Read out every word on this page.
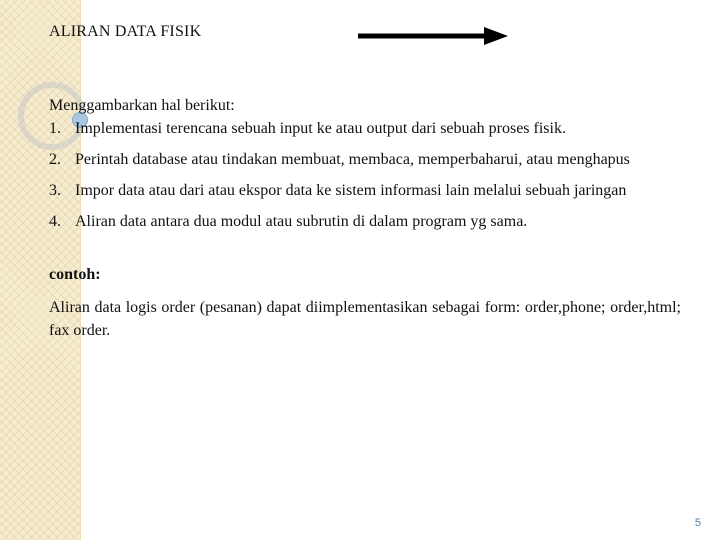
ALIRAN DATA FISIK

Menggambarkan hal berikut:

1. Implementasi terencana sebuah input ke atau output dari sebuah proses fisik.
2. Perintah database atau tindakan membuat, membaca, memperbaharui, atau menghapus
3. Impor data atau dari atau ekspor data ke sistem informasi lain melalui sebuah jaringan
4. Aliran data antara dua modul atau subrutin di dalam program yg sama.

contoh:

Aliran data logis order (pesanan) dapat diimplementasikan sebagai form: order,phone; order,html; fax order.

5
